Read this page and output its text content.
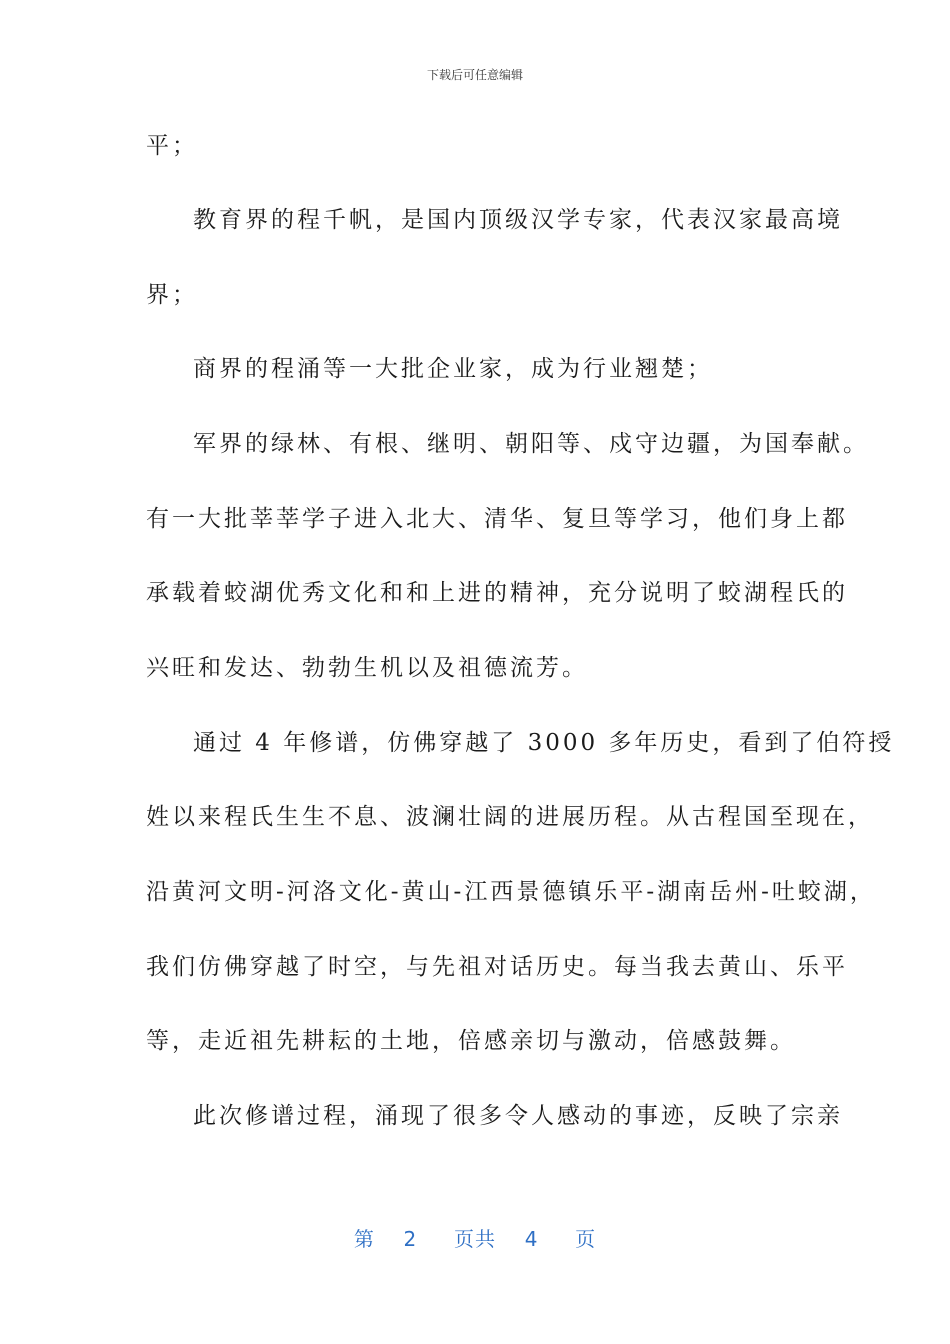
下载后可任意编辑
平；
教育界的程千帆，是国内顶级汉学专家，代表汉家最高境
界；
商界的程涌等一大批企业家，成为行业翘楚；
军界的绿林、有根、继明、朝阳等、戍守边疆，为国奉献。
有一大批莘莘学子进入北大、清华、复旦等学习，他们身上都
承载着蛟湖优秀文化和和上进的精神，充分说明了蛟湖程氏的
兴旺和发达、勃勃生机以及祖德流芳。
通过 4 年修谱，仿佛穿越了 3000 多年历史，看到了伯符授
姓以来程氏生生不息、波澜壮阔的进展历程。从古程国至现在，
沿黄河文明-河洛文化-黄山-江西景德镇乐平-湖南岳州-吐蛟湖，
我们仿佛穿越了时空，与先祖对话历史。每当我去黄山、乐平
等，走近祖先耕耘的土地，倍感亲切与激动，倍感鼓舞。
此次修谱过程，涌现了很多令人感动的事迹，反映了宗亲
第 2 页共 4 页
